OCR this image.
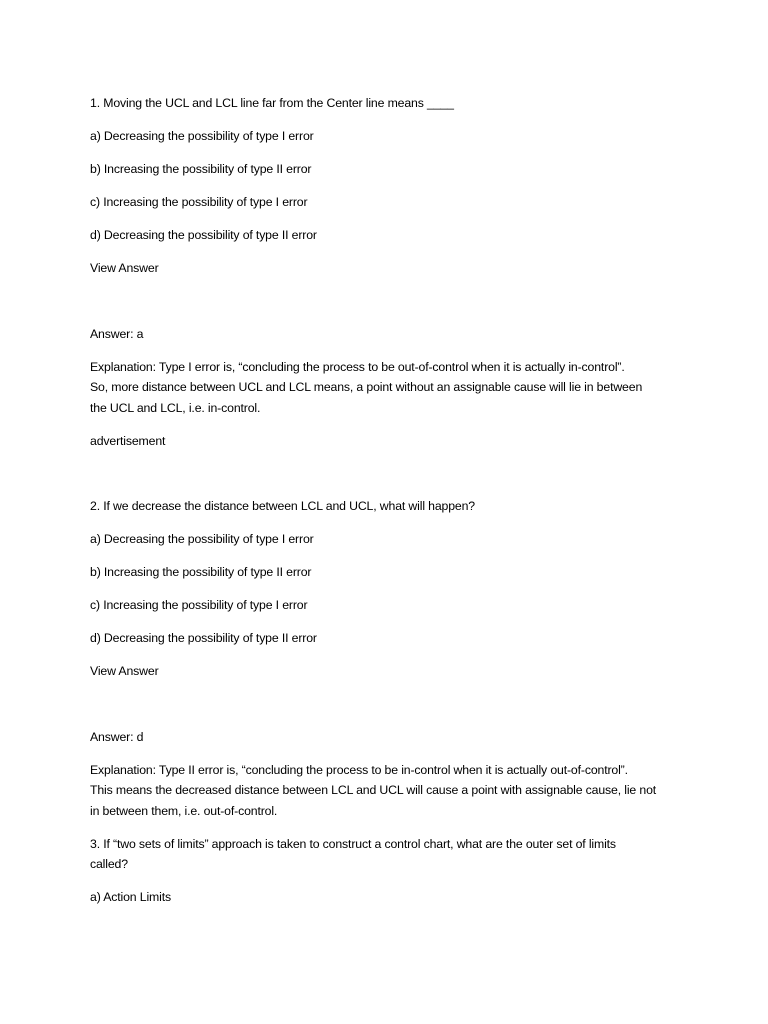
1. Moving the UCL and LCL line far from the Center line means ____

a) Decreasing the possibility of type I error

b) Increasing the possibility of type II error

c) Increasing the possibility of type I error

d) Decreasing the possibility of type II error

View Answer

Answer: a

Explanation: Type I error is, “concluding the process to be out-of-control when it is actually in-control”.
So, more distance between UCL and LCL means, a point without an assignable cause will lie in between
the UCL and LCL, i.e. in-control.

advertisement

2. If we decrease the distance between LCL and UCL, what will happen?

a) Decreasing the possibility of type I error

b) Increasing the possibility of type II error

c) Increasing the possibility of type I error

d) Decreasing the possibility of type II error

View Answer

Answer: d

Explanation: Type II error is, “concluding the process to be in-control when it is actually out-of-control”.
This means the decreased distance between LCL and UCL will cause a point with assignable cause, lie not
in between them, i.e. out-of-control.
3. If “two sets of limits” approach is taken to construct a control chart, what are the outer set of limits
called?

a) Action Limits
